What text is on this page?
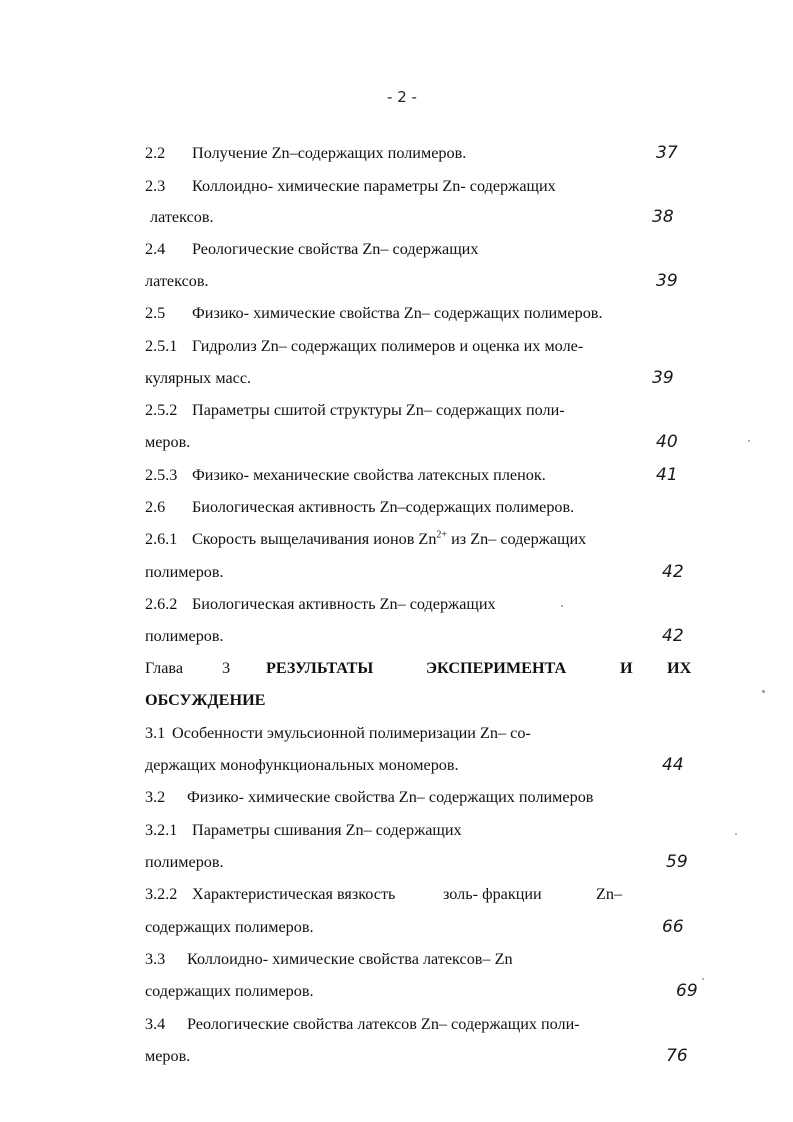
- 2 -
2.2 Получение Zn–содержащих полимеров.	37
2.3 Коллоидно- химические параметры Zn- содержащих
латексов.	38
2.4 Реологические свойства Zn– содержащих
латексов.	39
2.5 Физико- химические свойства Zn– содержащих полимеров.
2.5.1 Гидролиз Zn– содержащих полимеров и оценка их моле-
кулярных масс.	39
2.5.2 Параметры сшитой структуры Zn– содержащих поли-
меров.	40
2.5.3 Физико- механические свойства латексных пленок.	41
2.6 Биологическая активность Zn–содержащих полимеров.
2.6.1 Скорость выщелачивания ионов $Zn^{2+}$ из Zn– содержащих
полимеров.	42
2.6.2 Биологическая активность Zn– содержащих
полимеров.	42
Глава 3 РЕЗУЛЬТАТЫ	ЭКСПЕРИМЕНТА	И ИХ
ОБСУЖДЕНИЕ
3.1 Особенности эмульсионной полимеризации Zn– со-
держащих монофункциональных мономеров.	44
3.2 Физико- химические свойства Zn– содержащих полимеров
3.2.1 Параметры сшивания Zn– содержащих
полимеров.	59
3.2.2 Характеристическая вязкость	золь- фракции	Zn–
содержащих полимеров.	66
3.3 Коллоидно- химические свойства латексов– Zn
содержащих полимеров.	69
3.4 Реологические свойства латексов Zn– содержащих поли-
меров.	76
